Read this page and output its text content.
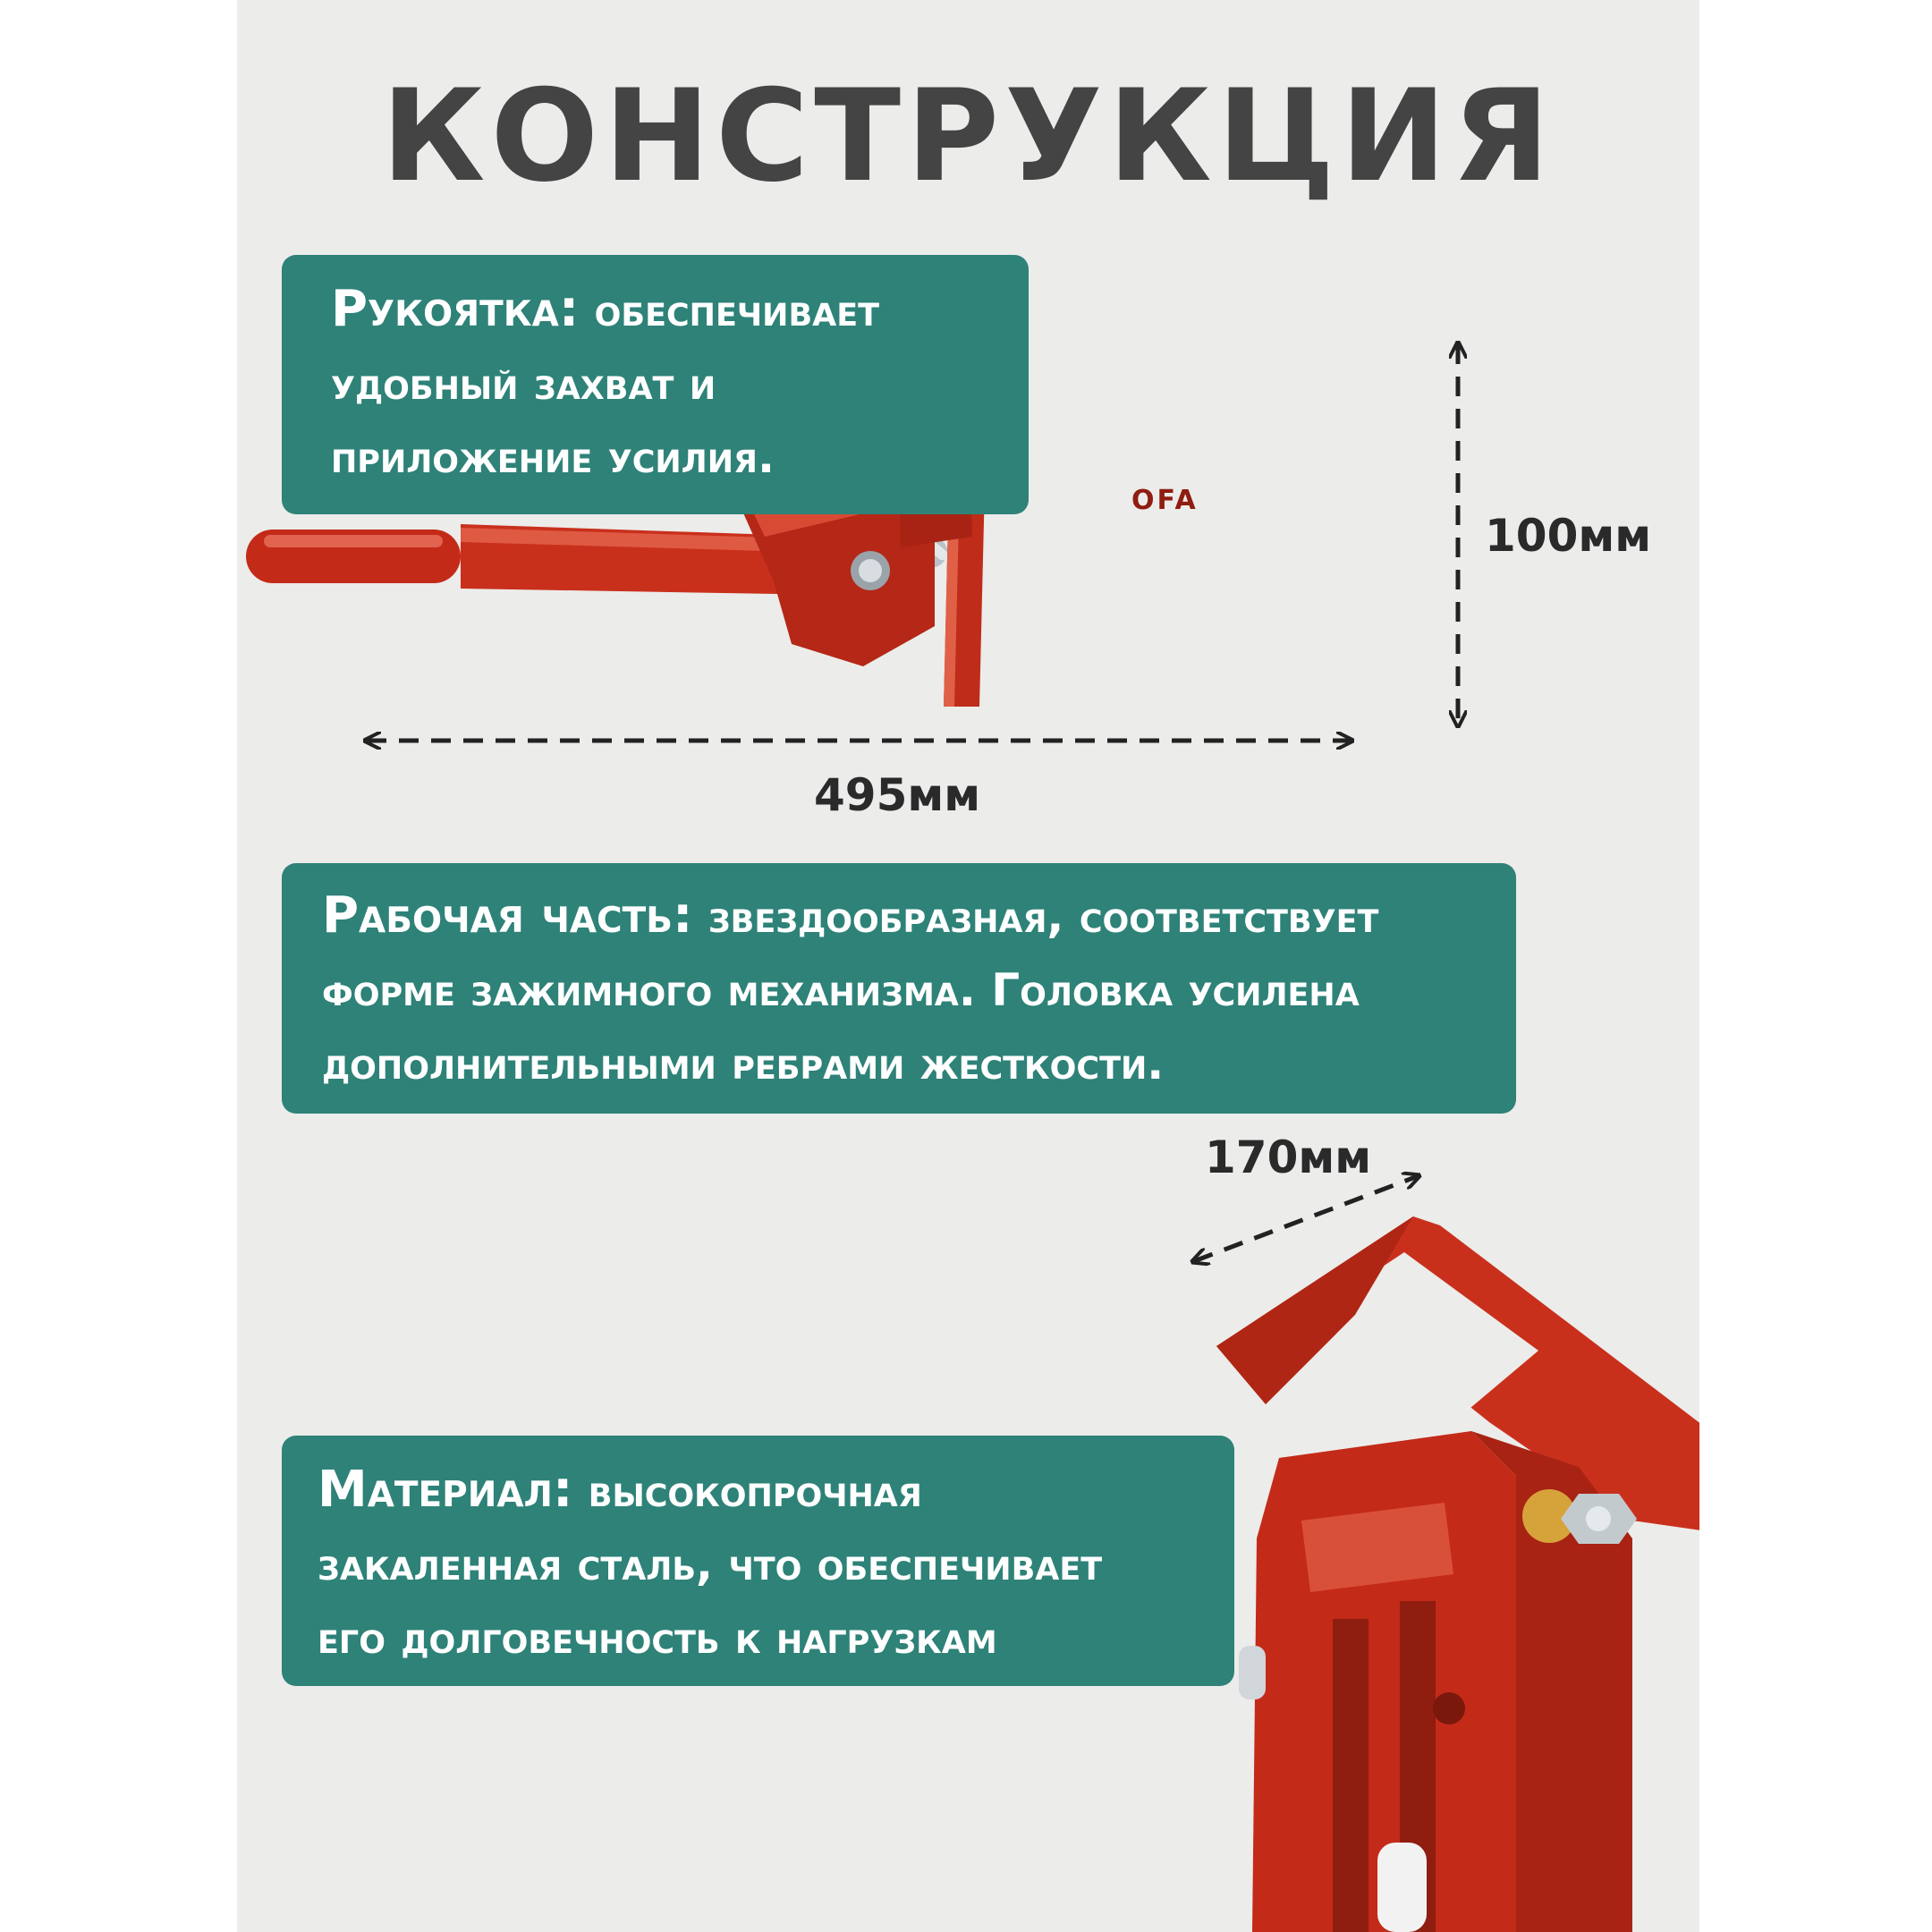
КОНСТРУКЦИЯ
100мм
495мм
170мм
OFA
Рукоятка: обеспечивает
удобный захват и
приложение усилия.
Рабочая часть: звездообразная, соответствует
форме зажимного механизма. Головка усилена
дополнительными ребрами жесткости.
Материал: высокопрочная
закаленная сталь, что обеспечивает
его долговечность к нагрузкам
